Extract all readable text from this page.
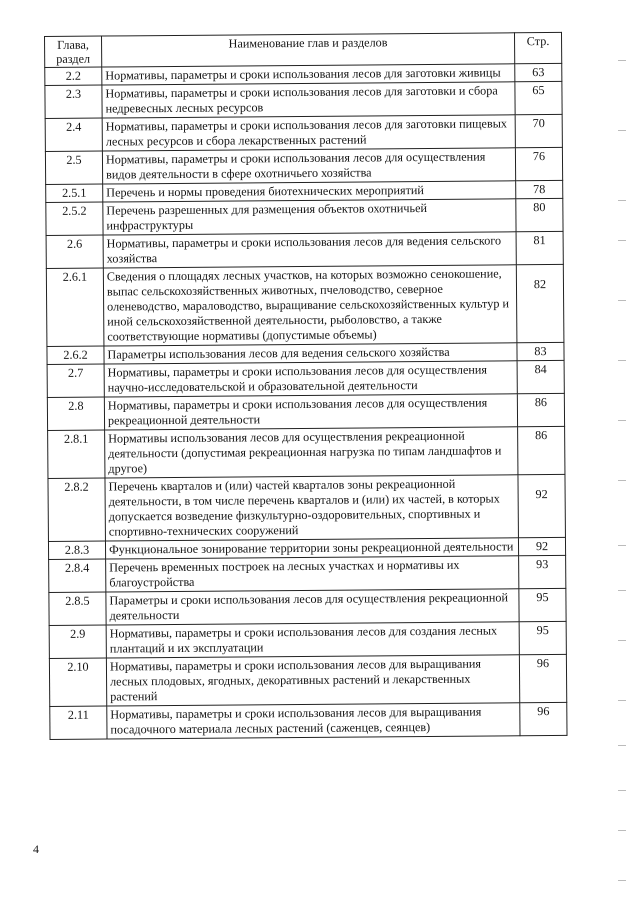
Глава, раздел	Наименование глав и разделов	Стр.
2.2	Нормативы, параметры и сроки использования лесов для заготовки живицы	63
2.3	Нормативы, параметры и сроки использования лесов для заготовки и сбора недревесных лесных ресурсов	65
2.4	Нормативы, параметры и сроки использования лесов для заготовки пищевых лесных ресурсов и сбора лекарственных растений	70
2.5	Нормативы, параметры и сроки использования лесов для осуществления видов деятельности в сфере охотничьего хозяйства	76
2.5.1	Перечень и нормы проведения биотехнических мероприятий	78
2.5.2	Перечень разрешенных для размещения объектов охотничьей инфраструктуры	80
2.6	Нормативы, параметры и сроки использования лесов для ведения сельского хозяйства	81
2.6.1	Сведения о площадях лесных участков, на которых возможно сенокошение, выпас сельскохозяйственных животных, пчеловодство, северное оленеводство, мараловодство, выращивание сельскохозяйственных культур и иной сельскохозяйственной деятельности, рыболовство, а также соответствующие нормативы (допустимые объемы)	82
2.6.2	Параметры использования лесов для ведения сельского хозяйства	83
2.7	Нормативы, параметры и сроки использования лесов для осуществления научно-исследовательской и образовательной деятельности	84
2.8	Нормативы, параметры и сроки использования лесов для осуществления рекреационной деятельности	86
2.8.1	Нормативы использования лесов для осуществления рекреационной деятельности (допустимая рекреационная нагрузка по типам ландшафтов и другое)	86
2.8.2	Перечень кварталов и (или) частей кварталов зоны рекреационной деятельности, в том числе перечень кварталов и (или) их частей, в которых допускается возведение физкультурно-оздоровительных, спортивных и спортивно-технических сооружений	92
2.8.3	Функциональное зонирование территории зоны рекреационной деятельности	92
2.8.4	Перечень временных построек на лесных участках и нормативы их благоустройства	93
2.8.5	Параметры и сроки использования лесов для осуществления рекреационной деятельности	95
2.9	Нормативы, параметры и сроки использования лесов для создания лесных плантаций и их эксплуатации	95
2.10	Нормативы, параметры и сроки использования лесов для выращивания лесных плодовых, ягодных, декоративных растений и лекарственных растений	96
2.11	Нормативы, параметры и сроки использования лесов для выращивания посадочного материала лесных растений (саженцев, сеянцев)	96
4
